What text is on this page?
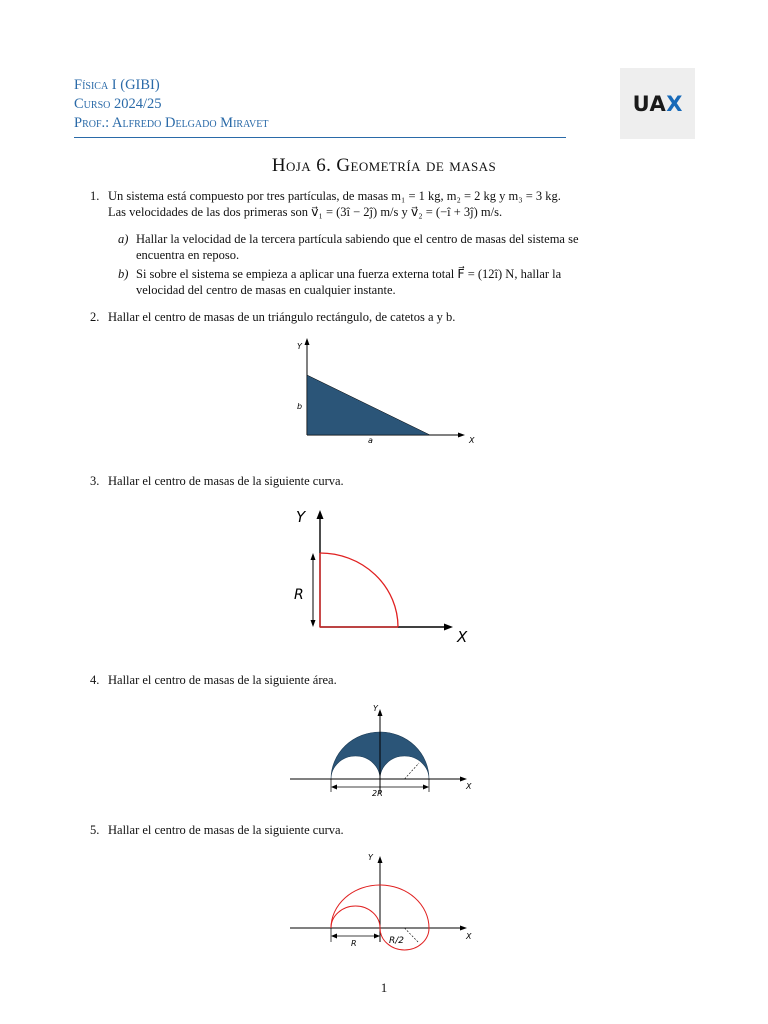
Física I (GIBI)
Curso 2024/25
Prof.: Alfredo Delgado Miravet
UA X
Hoja 6. Geometría de masas
1. Un sistema está compuesto por tres partículas, de masas m₁ = 1 kg, m₂ = 2 kg y m₃ = 3 kg.
Las velocidades de las dos primeras son v⃗₁ = (3î − 2ĵ) m/s y v⃗₂ = (−î + 3ĵ) m/s.
a) Hallar la velocidad de la tercera partícula sabiendo que el centro de masas del sistema se
encuentra en reposo.
b) Si sobre el sistema se empieza a aplicar una fuerza externa total F⃗ = (12î) N, hallar la
velocidad del centro de masas en cualquier instante.
2. Hallar el centro de masas de un triángulo rectángulo, de catetos a y b.
Y
X
b
a
3. Hallar el centro de masas de la siguiente curva.
Y
X
R
4. Hallar el centro de masas de la siguiente área.
Y
X
R/2
2R
5. Hallar el centro de masas de la siguiente curva.
Y
X
R	R/2
1
